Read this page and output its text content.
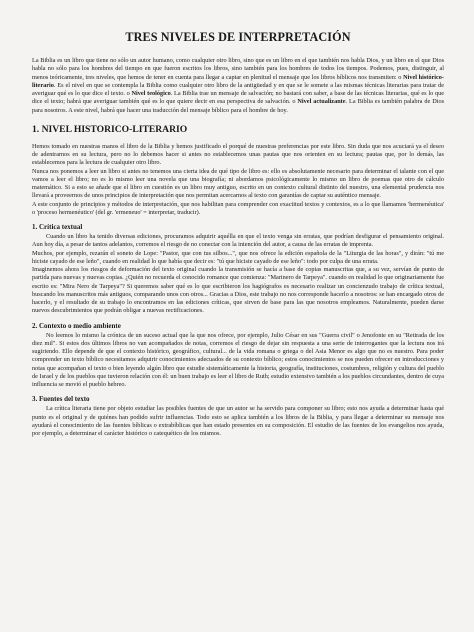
TRES NIVELES DE INTERPRETACIÓN

La Biblia es un libro que tiene no sólo un autor humano, como cualquier otro libro, sino que es un libro en el que también nos habla Dios, y un libro en el que Dios habla no sólo para los hombres del tiempo en que fueron escritos los libros, sino también para los hombres de todos los tiempos. Podemos, pues, distinguir, al menos teóricamente, tres niveles, que hemos de tener en cuenta para llegar a captar en plenitud el mensaje que los libros bíblicos nos transmiten: o Nivel histórico-literario. Es el nivel en que se contempla la Biblia como cualquier otro libro de la antigüedad y en que se le somete a las mismas técnicas literarias para tratar de averiguar qué es lo que dice el texto. o Nivel teológico. La Biblia trae un mensaje de salvación; no bastará con saber, a base de las técnicas literarias, qué es lo que dice el texto; habrá que averiguar también qué es lo que quiere decir en esa perspectiva de salvación. o Nivel actualizante. La Biblia es también palabra de Dios para nosotros. A este nivel, habrá que hacer una traducción del mensaje bíblico para el hombre de hoy.

1. NIVEL HISTORICO-LITERARIO

Hemos tomado en nuestras manos el libro de la Biblia y hemos justificado el porqué de nuestras preferencias por este libro. Sin duda que nos acuciará ya el deseo de adentrarnos en su lectura, pero no lo debemos hacer si antes no establecemos unas pautas que nos orienten en su lectura; pautas que, por lo demás, las establecemos para la lectura de cualquier otro libro.

Nunca nos ponemos a leer un libro si antes no tenemos una cierta idea de qué tipo de libro es: ello es absolutamente necesario para determinar el talante con el que vamos a leer el libro; no es lo mismo leer una novela que una biografía; ni abordamos psicológicamente lo mismo un libro de poemas que otro de cálculo matemático. Si a esto se añade que el libro en cuestión es un libro muy antiguo, escrito en un contexto cultural distinto del nuestro, una elemental prudencia nos llevará a proveernos de unos principios de interpretación que nos permitan acercarnos al texto con garantías de captar su auténtico mensaje.

A este conjunto de principios y métodos de interpretación, que nos habilitan para comprender con exactitud textos y contextos, es a lo que llamamos 'hermenéutica' o 'proceso hermenéutico' (del gr. 'ermeneuo' = interpretar, traducir).

1. Crítica textual

Cuando un libro ha tenido diversas ediciones, procuramos adquirir aquélla en que el texto venga sin erratas, que podrían desfigurar el pensamiento original. Aun hoy día, a pesar de tantos adelantos, corremos el riesgo de no conectar con la intención del autor, a causa de las erratas de imprenta.

Muchos, por ejemplo, rezarán el soneto de Lope: "Pastor, que con tus silbos...", que nos ofrece la edición española de la "Liturgia de las horas", y dirán: "tú me hiciste cayado de ese leño", cuando en realidad lo que había que decir es: "tú que hiciste cayado de ese leño": todo por culpa de una errata.

Imaginemos ahora los riesgos de deformación del texto original cuando la transmisión se hacía a base de copias manuscritas que, a su vez, servían de punto de partida para nuevas y nuevas copias. ¿Quién no recuerda el conocido romance que comienza: "Marinero de Tarpeya". cuando en realidad lo que originariamente fue escrito es: "Mira Nero de Tarpeya"? Si queremos saber qué es lo que escribieron los hagiógrafos es necesario realizar un concienzudo trabajo de crítica textual, buscando los manuscritos más antiguos, comparando unos con otros... Gracias a Dios, este trabajo no nos corresponde hacerlo a nosotros: se han encargado otros de hacerlo, y el resultado de su trabajo lo encontramos en las ediciones críticas, que sirven de base para las que nosotros empleamos. Naturalmente, pueden darse nuevos descubrimientos que podrán obligar a nuevas rectificaciones.

2. Contexto o medio ambiente

No leemos lo mismo la crónica de un suceso actual que la que nos ofrece, por ejemplo, Julio César en sus "Guerra civil" o Jenofonte en su "Retirada de los diez mil". Si estos dos últimos libros no van acompañados de notas, corremos el riesgo de dejar sin respuesta a una serie de interrogantes que la lectura nos irá sugiriendo. Ello depende de que el contexto histórico, geográfico, cultural... de la vida romana o griega o del Asia Menor es algo que no es nuestro. Para poder comprender un texto bíblico necesitamos adquirir conocimientos adecuados de su contexto bíblico; estos conocimientos se nos pueden ofrecer en introducciones y notas que acompañan el texto o bien leyendo algún libro que estudie sistemáticamente la historia, geografía, instituciones, costumbres, religión y cultura del pueblo de Israel y de los pueblos que tuvieron relación con él: un buen trabajo es leer el libro de Ruth; estudio extensivo también a los pueblos circundantes, dentro de cuya influencia se movió el pueblo hebreo.

3. Fuentes del texto

La crítica literaria tiene por objeto estudiar las posibles fuentes de que un autor se ha servido para componer su libro; esto nos ayuda a determinar hasta qué punto es el original y de quiénes han podido sufrir influencias. Todo esto se aplica también a los libros de la Biblia, y para llegar a determinar su mensaje nos ayudará el conocimiento de las fuentes bíblicas o extrabíblicas que han estado presentes en su composición. El estudio de las fuentes de los evangelios nos ayuda, por ejemplo, a determinar el carácter histórico o catequético de los mismos.
